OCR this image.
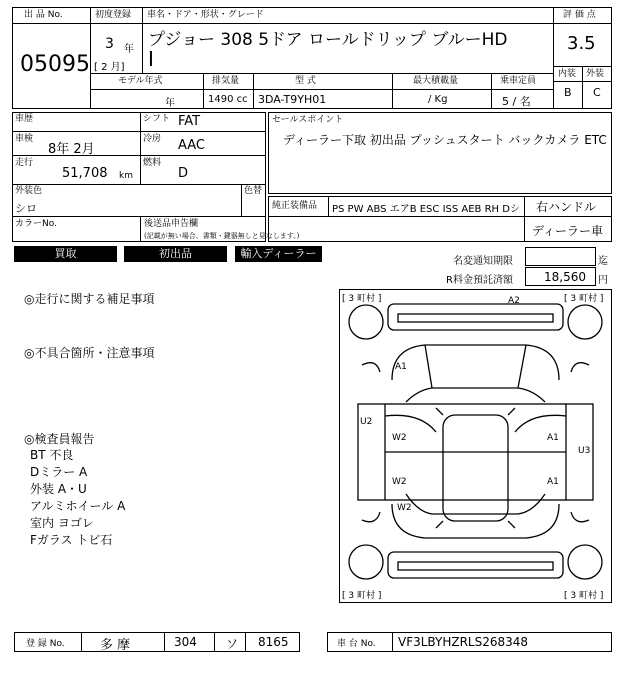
出 品 No.
05095
初度登録
3 年
[ 2 月]
車名・ドア・形状・グレード
プジョー 308 5ドア ロールドリップ ブルーHD
I
モデル年式	排気量	型 式	最大積載量	乗車定員
年	1490 cc 3DA-T9YH01	/ Kg	5 / 名
評 価 点
3.5
内装 外装
B C
車歴	シフト FAT
車検
8年 2月
冷房 AAC
走行
51,708 km
燃料
D
外装色
シロ
色替
カラーNo.	後送品申告欄
(記載が無い場合、書類・鍵器無しと見なします。)
セールスポイント
ディーラー下取 初出品 プッシュスタート バックカメラ ETC
純正装備品 PS PW ABS エアB ESC ISS AEB RH Dシ 右ハンドル
ディーラー車
買取	初出品	輸入ディーラー
名変通知期限	迄
R料金預託済額	18,560 円
◎走行に関する補足事項
◎不具合箇所・注意事項
◎検査員報告
BT 不良
Dミラー A
外装 A・U
アルミホイール A
室内 ヨゴレ
Fガラス トビ石
[ 3 町村 ]	[ 3 町村 ]
[ 3 町村 ]	[ 3 町村 ]
A2
A1
U2
W2
W2
W2
A1
A1
U3
登 録 No.	多 摩	304 ソ 8165	車 台 No. VF3LBYHZRLS268348
